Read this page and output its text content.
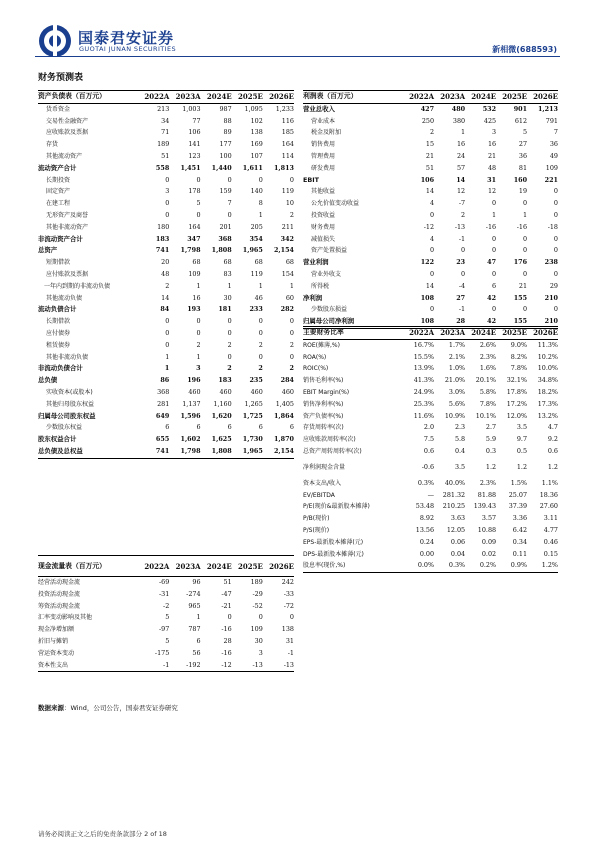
国泰君安证券
GUOTAI JUNAN SECURITIES	新相微(688593)
财务预测表
资产负债表（百万元）	2022A	2023A	2024E	2025E	2026E
货币资金	213	1,003	987	1,095	1,233
交易性金融资产	34	77	88	102	116
应收账款及票据	71	106	89	138	185
存货	189	141	177	169	164
其他流动资产	51	123	100	107	114
流动资产合计	558	1,451	1,440	1,611	1,813
长期投资	0	0	0	0	0
固定资产	3	178	159	140	119
在建工程	0	5	7	8	10
无形资产及商誉	0	0	0	1	2
其他非流动资产	180	164	201	205	211
非流动资产合计	183	347	368	354	342
总资产	741	1,798	1,808	1,965	2,154
短期借款	20	68	68	68	68
应付账款及票据	48	109	83	119	154
一年内到期的非流动负债	2	1	1	1	1
其他流动负债	14	16	30	46	60
流动负债合计	84	193	181	233	282
长期借款	0	0	0	0	0
应付债券	0	0	0	0	0
租赁债券	0	2	2	2	2
其他非流动负债	1	1	0	0	0
非流动负债合计	1	3	2	2	2
总负债	86	196	183	235	284
实收资本(或股本)	368	460	460	460	460
其他归母股东权益	281	1,137	1,160	1,265	1,405
归属母公司股东权益	649	1,596	1,620	1,725	1,864
少数股东权益	6	6	6	6	6
股东权益合计	655	1,602	1,625	1,730	1,870
总负债及总权益	741	1,798	1,808	1,965	2,154
利润表（百万元）	2022A	2023A	2024E	2025E	2026E
营业总收入	427	480	532	901	1,213
营业成本	250	380	425	612	791
税金及附加	2	1	3	5	7
销售费用	15	16	16	27	36
管理费用	21	24	21	36	49
研发费用	51	57	48	81	109
EBIT	106	14	31	160	221
其他收益	14	12	12	19	0
公允价值变动收益	4	-7	0	0	0
投资收益	0	2	1	1	0
财务费用	-12	-13	-16	-16	-18
减值损失	4	-1	0	0	0
资产处置损益	0	0	0	0	0
营业利润	122	23	47	176	238
营业外收支	0	0	0	0	0
所得税	14	-4	6	21	29
净利润	108	27	42	155	210
少数股东损益	0	-1	0	0	0
归属母公司净利润	108	28	42	155	210
主要财务比率	2022A	2023A	2024E	2025E	2026E
ROE(摊薄,%)	16.7%	1.7%	2.6%	9.0%	11.3%
ROA(%)	15.5%	2.1%	2.3%	8.2%	10.2%
ROIC(%)	13.9%	1.0%	1.6%	7.8%	10.0%
销售毛利率(%)	41.3%	21.0%	20.1%	32.1%	34.8%
EBIT Margin(%)	24.9%	3.0%	5.8%	17.8%	18.2%
销售净利率(%)	25.3%	5.6%	7.8%	17.2%	17.3%
资产负债率(%)	11.6%	10.9%	10.1%	12.0%	13.2%
存货周转率(次)	2.0	2.3	2.7	3.5	4.7
应收账款周转率(次)	7.5	5.8	5.9	9.7	9.2
总资产周转周转率(次)	0.6	0.4	0.3	0.5	0.6
净利润现金含量	-0.6	3.5	1.2	1.2	1.2
资本支出/收入	0.3%	40.0%	2.3%	1.5%	1.1%
EV/EBITDA	—	281.32	81.88	25.07	18.36
P/E(现价&最新股本摊薄)	53.48	210.25	139.43	37.39	27.60
P/B(现价)	8.92	3.63	3.57	3.36	3.11
P/S(现价)	13.56	12.05	10.88	6.42	4.77
EPS-最新股本摊薄(元)	0.24	0.06	0.09	0.34	0.46
DPS-最新股本摊薄(元)	0.00	0.04	0.02	0.11	0.15
股息率(现价,%)	0.0%	0.3%	0.2%	0.9%	1.2%
现金流量表（百万元）	2022A	2023A	2024E	2025E	2026E
经营活动现金流	-69	96	51	189	242
投资活动现金流	-31	-274	-47	-29	-33
筹资活动现金流	-2	965	-21	-52	-72
汇率变动影响及其他	5	1	0	0	0
现金净增加额	-97	787	-16	109	138
折旧与摊销	5	6	28	30	31
营运资本变动	-175	56	-16	3	-1
资本性支出	-1	-192	-12	-13	-13
数据来源：Wind，公司公告，国泰君安证券研究
请务必阅读正文之后的免责条款部分 2 of 18
